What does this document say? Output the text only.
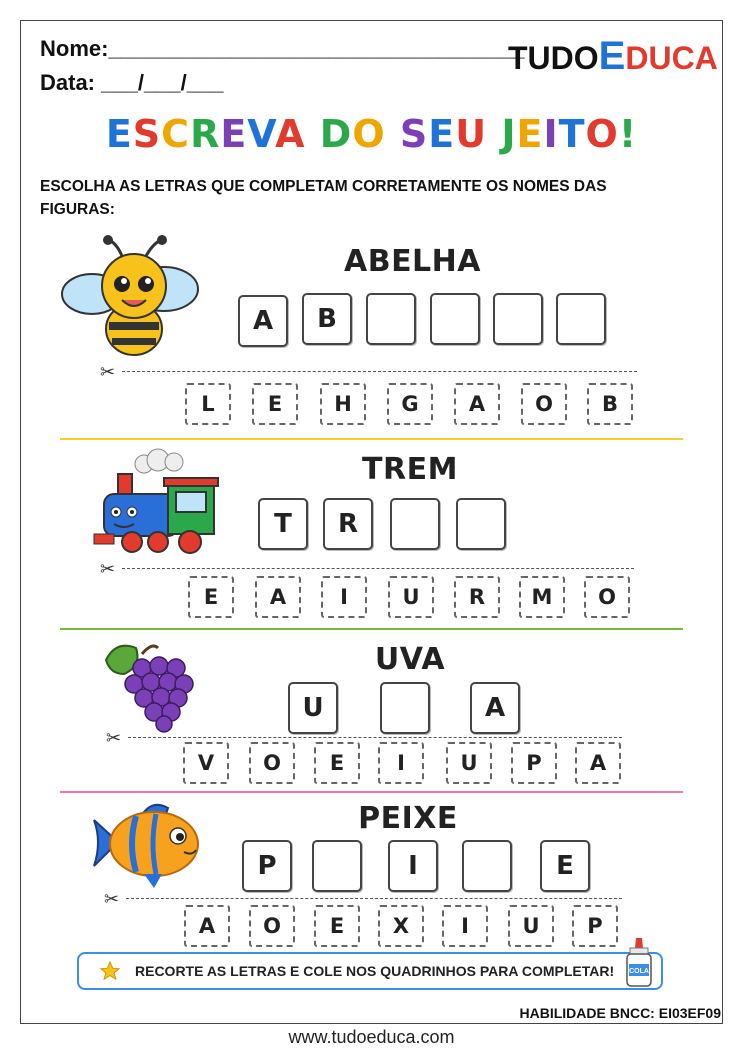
Nome:__________________________________
Data: ___/___/___
TUDOEDUCA
ESCREVA DO SEU JEITO!
ESCOLHA AS LETRAS QUE COMPLETAM CORRETAMENTE OS NOMES DAS FIGURAS:
ABELHA
A	B
✂
L	E	H	G	A	O	B
TREM
T	R
✂
E	A	I	U	R	M	O
UVA
U	A
✂
V	O	E	I	U	P	A
PEIXE
P	I	E
✂
A	O	E	X	I	U	P
RECORTE AS LETRAS E COLE NOS QUADRINHOS PARA COMPLETAR! COLA
HABILIDADE BNCC: EI03EF09
www.tudoeduca.com
